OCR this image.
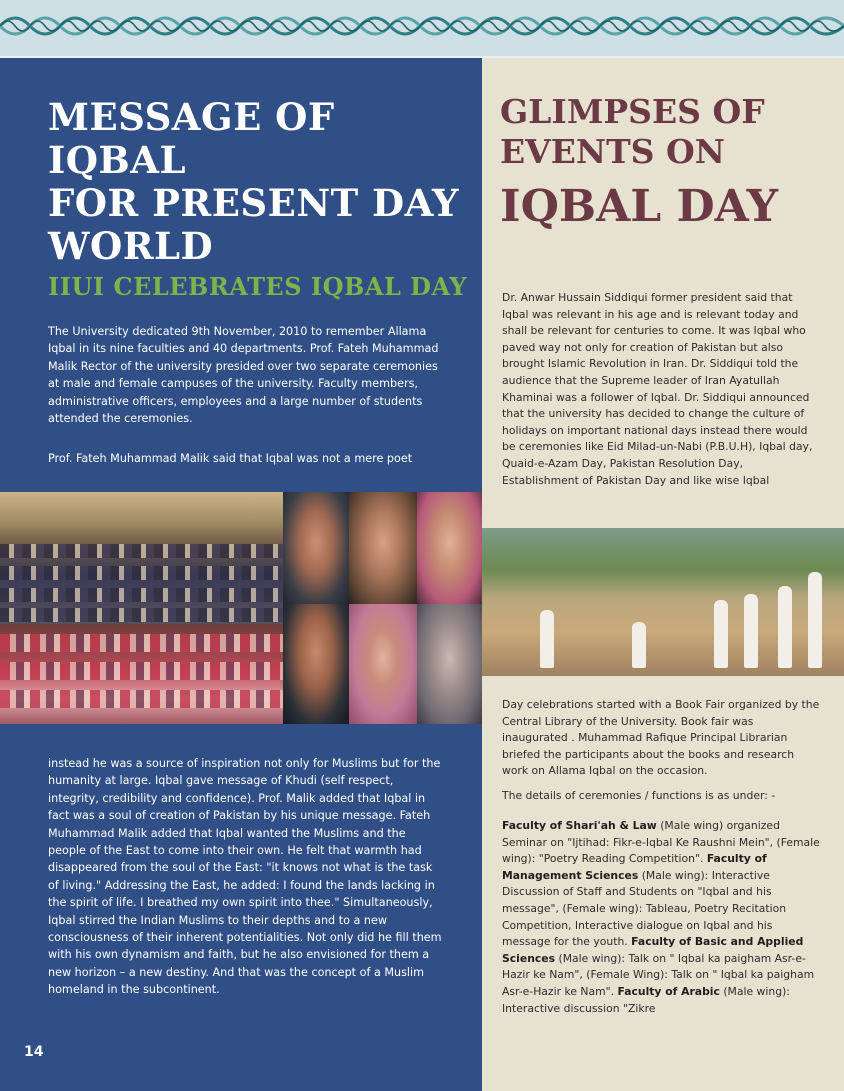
MESSAGE OF IQBAL
FOR PRESENT DAY
WORLD
IIUI CELEBRATES IQBAL DAY

The University dedicated 9th November, 2010 to remember Allama Iqbal in its nine faculties and 40 departments. Prof. Fateh Muhammad Malik Rector of the university presided over two separate ceremonies at male and female campuses of the university. Faculty members, administrative officers, employees and a large number of students attended the ceremonies.

Prof. Fateh Muhammad Malik said that Iqbal was not a mere poet

instead he was a source of inspiration not only for Muslims but for the humanity at large. Iqbal gave message of Khudi (self respect, integrity, credibility and confidence). Prof. Malik added that Iqbal in fact was a soul of creation of Pakistan by his unique message. Fateh Muhammad Malik added that Iqbal wanted the Muslims and the people of the East to come into their own. He felt that warmth had disappeared from the soul of the East: "it knows not what is the task of living." Addressing the East, he added: I found the lands lacking in the spirit of life. I breathed my own spirit into thee." Simultaneously, Iqbal stirred the Indian Muslims to their depths and to a new consciousness of their inherent potentialities. Not only did he fill them with his own dynamism and faith, but he also envisioned for them a new horizon – a new destiny. And that was the concept of a Muslim homeland in the subcontinent.

14

GLIMPSES OF
EVENTS ON
IQBAL DAY

Dr. Anwar Hussain Siddiqui former president said that Iqbal was relevant in his age and is relevant today and shall be relevant for centuries to come. It was Iqbal who paved way not only for creation of Pakistan but also brought Islamic Revolution in Iran. Dr. Siddiqui told the audience that the Supreme leader of Iran Ayatullah Khaminai was a follower of Iqbal. Dr. Siddiqui announced that the university has decided to change the culture of holidays on important national days instead there would be ceremonies like Eid Milad-un-Nabi (P.B.U.H), Iqbal day, Quaid-e-Azam Day, Pakistan Resolution Day, Establishment of Pakistan Day and like wise Iqbal

Day celebrations started with a Book Fair organized by the Central Library of the University. Book fair was inaugurated . Muhammad Rafique Principal Librarian briefed the participants about the books and research work on Allama Iqbal on the occasion.

The details of ceremonies / functions is as under: -

Faculty of Shari'ah & Law (Male wing) organized Seminar on "Ijtihad: Fikr-e-Iqbal Ke Raushni Mein", (Female wing): "Poetry Reading Competition". Faculty of Management Sciences (Male wing): Interactive Discussion of Staff and Students on "Iqbal and his message", (Female wing): Tableau, Poetry Recitation Competition, Interactive dialogue on Iqbal and his message for the youth. Faculty of Basic and Applied Sciences (Male wing): Talk on " Iqbal ka paigham Asr-e-Hazir ke Nam", (Female Wing): Talk on " Iqbal ka paigham Asr-e-Hazir ke Nam". Faculty of Arabic (Male wing): Interactive discussion "Zikre
